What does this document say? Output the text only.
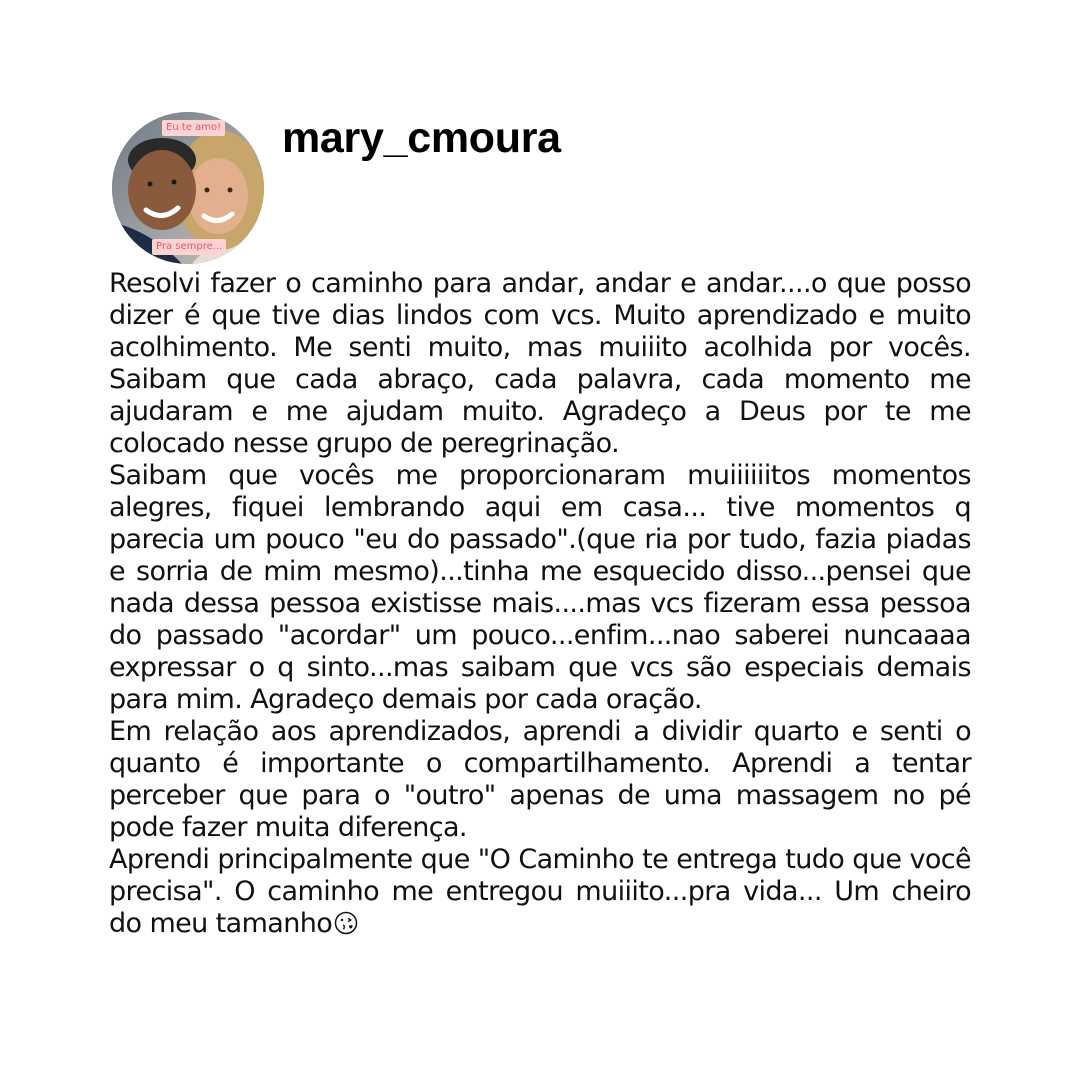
Eu te amo!
Pra sempre...
mary_cmoura

Resolvi fazer o caminho para andar, andar e andar....o que posso dizer é que tive dias lindos com vcs. Muito aprendizado e muito acolhimento. Me senti muito, mas muiiito acolhida por vocês. Saibam que cada abraço, cada palavra, cada momento me ajudaram e me ajudam muito. Agradeço a Deus por te me colocado nesse grupo de peregrinação.

Saibam que vocês me proporcionaram muiiiiiitos momentos alegres, fiquei lembrando aqui em casa... tive momentos q parecia um pouco "eu do passado".(que ria por tudo, fazia piadas e sorria de mim mesmo)...tinha me esquecido disso...pensei que nada dessa pessoa existisse mais....mas vcs fizeram essa pessoa do passado "acordar" um pouco...enfim...nao saberei nuncaaaa expressar o q sinto...mas saibam que vcs são especiais demais para mim. Agradeço demais por cada oração.

Em relação aos aprendizados, aprendi a dividir quarto e senti o quanto é importante o compartilhamento. Aprendi a tentar perceber que para o "outro" apenas de uma massagem no pé pode fazer muita diferença.

Aprendi principalmente que "O Caminho te entrega tudo que você precisa". O caminho me entregou muiiito...pra vida... Um cheiro do meu tamanho
